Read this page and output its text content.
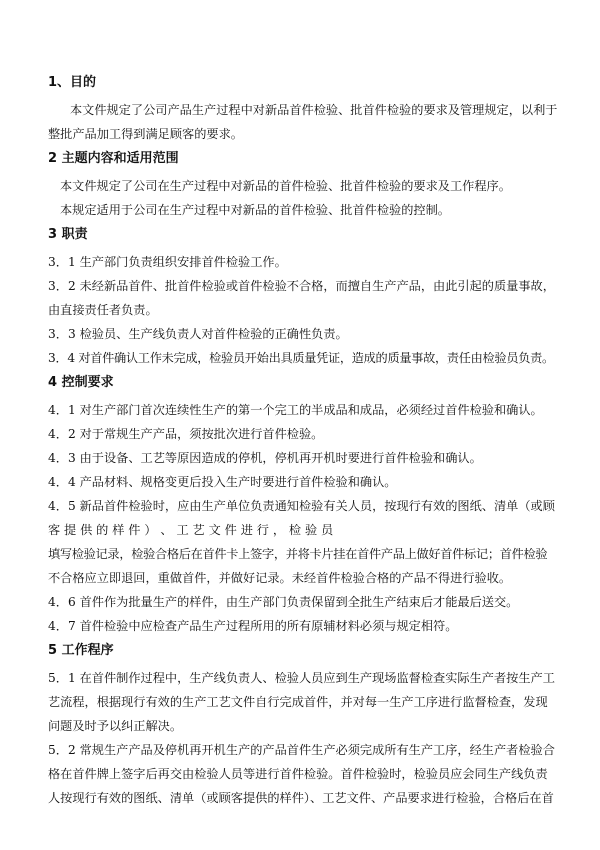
1、目的
本文件规定了公司产品生产过程中对新品首件检验、批首件检验的要求及管理规定，以利于
整批产品加工得到满足顾客的要求。
2 主题内容和适用范围
本文件规定了公司在生产过程中对新品的首件检验、批首件检验的要求及工作程序。
本规定适用于公司在生产过程中对新品的首件检验、批首件检验的控制。
3 职责
3．1 生产部门负责组织安排首件检验工作。
3．2 未经新品首件、批首件检验或首件检验不合格，而擅自生产产品，由此引起的质量事故，
由直接责任者负责。
3．3 检验员、生产线负责人对首件检验的正确性负责。
3．4 对首件确认工作未完成，检验员开始出具质量凭证，造成的质量事故，责任由检验员负责。
4 控制要求
4．1 对生产部门首次连续性生产的第一个完工的半成品和成品，必须经过首件检验和确认。
4．2 对于常规生产产品，须按批次进行首件检验。
4．3 由于设备、工艺等原因造成的停机，停机再开机时要进行首件检验和确认。
4．4 产品材料、规格变更后投入生产时要进行首件检验和确认。
4．5 新品首件检验时，应由生产单位负责通知检验有关人员，按现行有效的图纸、清单（或顾
客 提 供 的 样 件 ） 、 工 艺 文 件 进 行 ， 检 验 员
填写检验记录，检验合格后在首件卡上签字，并将卡片挂在首件产品上做好首件标记；首件检验
不合格应立即退回，重做首件，并做好记录。未经首件检验合格的产品不得进行验收。
4．6 首件作为批量生产的样件，由生产部门负责保留到全批生产结束后才能最后送交。
4．7 首件检验中应检查产品生产过程所用的所有原辅材料必须与规定相符。
5 工作程序
5．1 在首件制作过程中，生产线负责人、检验人员应到生产现场监督检查实际生产者按生产工
艺流程，根据现行有效的生产工艺文件自行完成首件，并对每一生产工序进行监督检查，发现
问题及时予以纠正解决。
5．2 常规生产产品及停机再开机生产的产品首件生产必须完成所有生产工序，经生产者检验合
格在首件牌上签字后再交由检验人员等进行首件检验。首件检验时，检验员应会同生产线负责
人按现行有效的图纸、清单（或顾客提供的样件）、工艺文件、产品要求进行检验，合格后在首
